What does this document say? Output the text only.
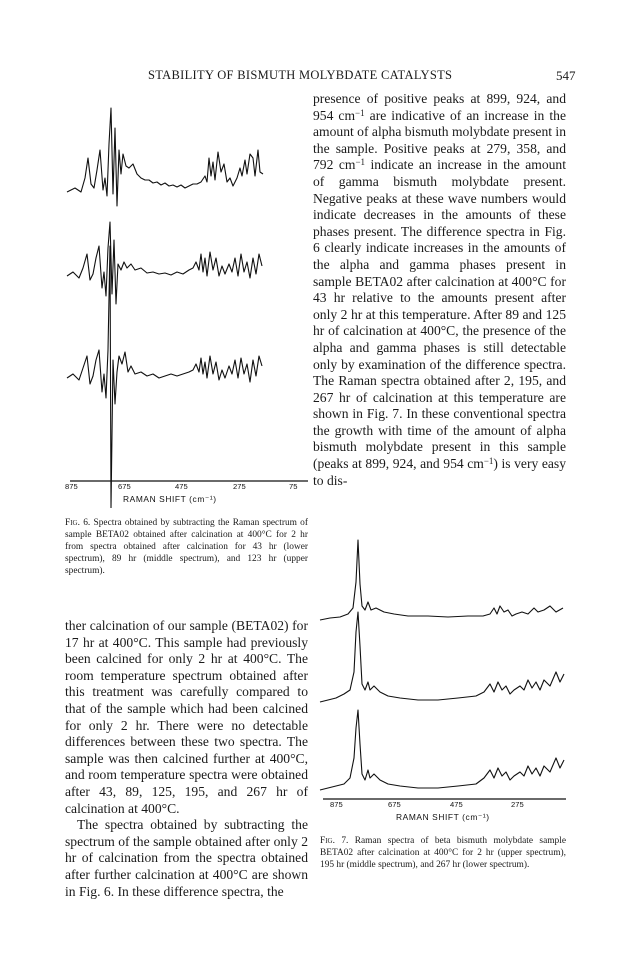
STABILITY OF BISMUTH MOLYBDATE CATALYSTS	547
875	675	475	275	75
RAMAN SHIFT (cm⁻¹)
Fig. 6. Spectra obtained by subtracting the Raman spectrum of sample BETA02 obtained after calcination at 400°C for 2 hr from spectra obtained after calcination for 43 hr (lower spectrum), 89 hr (middle spectrum), and 123 hr (upper spectrum).

presence of positive peaks at 899, 924, and 954 $cm^{-1}$ are indicative of an increase in the amount of alpha bismuth molybdate present in the sample. Positive peaks at 279, 358, and 792 $cm^{-1}$ indicate an increase in the amount of gamma bismuth molybdate present. Negative peaks at these wave numbers would indicate decreases in the amounts of these phases present. The difference spectra in Fig. 6 clearly indicate increases in the amounts of the alpha and gamma phases present in sample BETA02 after calcination at 400°C for 43 hr relative to the amounts present after only 2 hr at this temperature. After 89 and 125 hr of calcination at 400°C, the presence of the alpha and gamma phases is still detectable only by examination of the difference spectra. The Raman spectra obtained after 2, 195, and 267 hr of calcination at this temperature are shown in Fig. 7. In these conventional spectra the growth with time of the amount of alpha bismuth molybdate present in this sample (peaks at 899, 924, and 954 $cm^{-1}$) is very easy to dis-

875	675	475	275
RAMAN SHIFT (cm⁻¹)
Fig. 7. Raman spectra of beta bismuth molybdate sample BETA02 after calcination at 400°C for 2 hr (upper spectrum), 195 hr (middle spectrum), and 267 hr (lower spectrum).

ther calcination of our sample (BETA02) for 17 hr at 400°C. This sample had previously been calcined for only 2 hr at 400°C. The room temperature spectrum obtained after this treatment was carefully compared to that of the sample which had been calcined for only 2 hr. There were no detectable differences between these two spectra. The sample was then calcined further at 400°C, and room temperature spectra were obtained after 43, 89, 125, 195, and 267 hr of calcination at 400°C.

The spectra obtained by subtracting the spectrum of the sample obtained after only 2 hr of calcination from the spectra obtained after further calcination at 400°C are shown in Fig. 6. In these difference spectra, the
